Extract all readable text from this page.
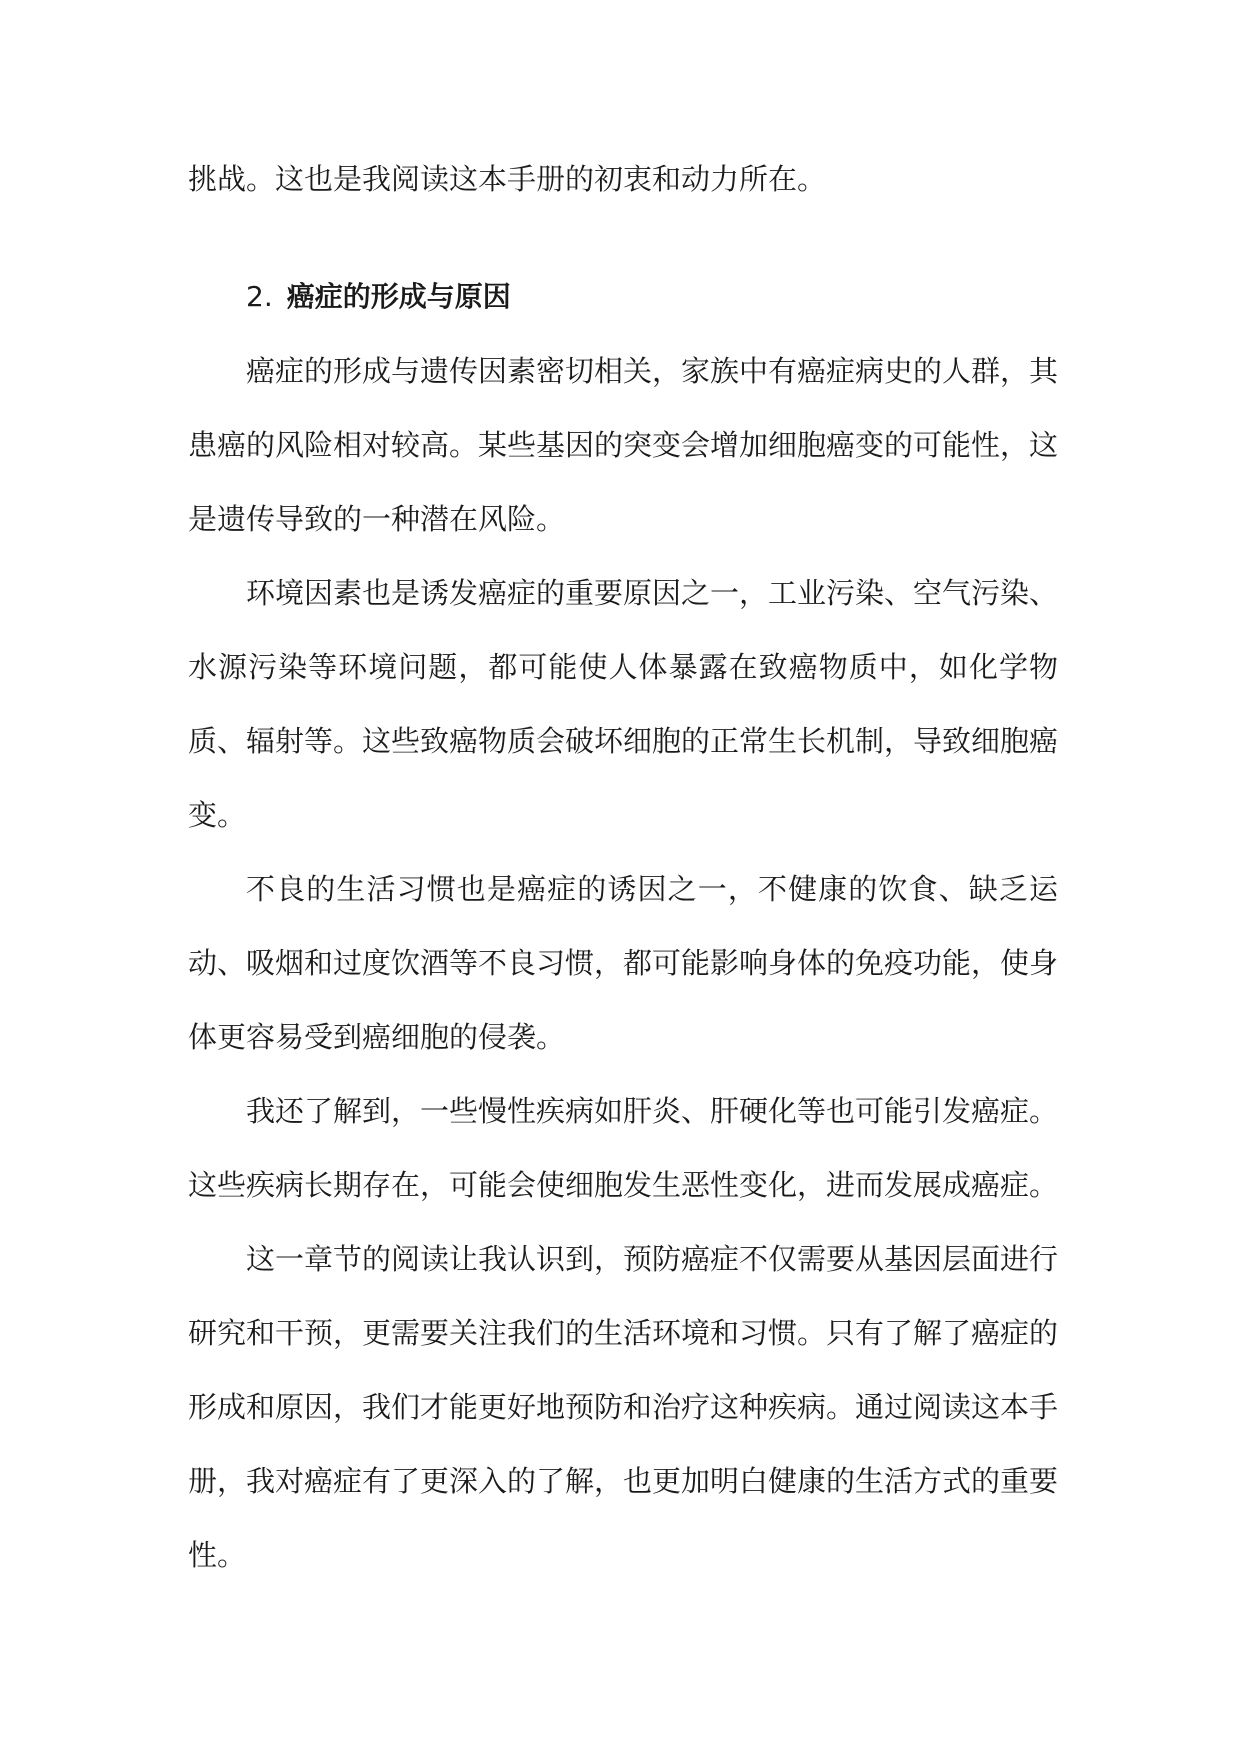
挑战。这也是我阅读这本手册的初衷和动力所在。

2. 癌症的形成与原因

癌症的形成与遗传因素密切相关，家族中有癌症病史的人群，其患癌的风险相对较高。某些基因的突变会增加细胞癌变的可能性，这是遗传导致的一种潜在风险。

环境因素也是诱发癌症的重要原因之一，工业污染、空气污染、水源污染等环境问题，都可能使人体暴露在致癌物质中，如化学物质、辐射等。这些致癌物质会破坏细胞的正常生长机制，导致细胞癌变。

不良的生活习惯也是癌症的诱因之一，不健康的饮食、缺乏运动、吸烟和过度饮酒等不良习惯，都可能影响身体的免疫功能，使身体更容易受到癌细胞的侵袭。

我还了解到，一些慢性疾病如肝炎、肝硬化等也可能引发癌症。这些疾病长期存在，可能会使细胞发生恶性变化，进而发展成癌症。

这一章节的阅读让我认识到，预防癌症不仅需要从基因层面进行研究和干预，更需要关注我们的生活环境和习惯。只有了解了癌症的形成和原因，我们才能更好地预防和治疗这种疾病。通过阅读这本手册，我对癌症有了更深入的了解，也更加明白健康的生活方式的重要性。
